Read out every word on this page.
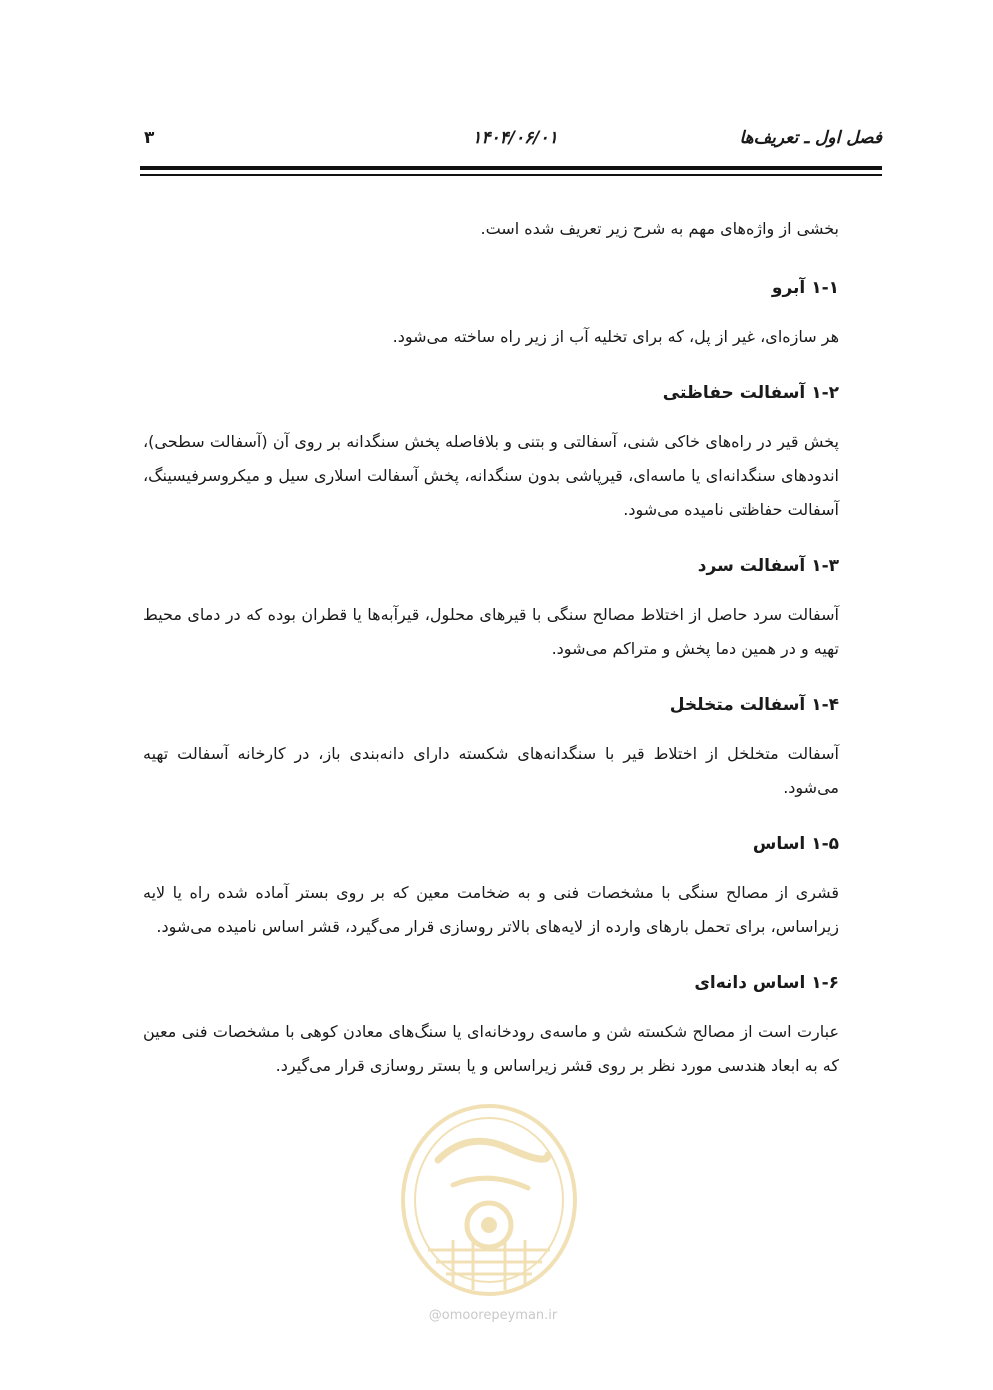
فصل اول ـ تعریف‌ها
۱۴۰۴/۰۶/۰۱
۳

بخشی از واژه‌های مهم به شرح زیر تعریف شده است.

۱-۱ آبرو

هر سازه‌ای، غیر از پل، که برای تخلیه آب از زیر راه ساخته می‌شود.

۱-۲ آسفالت حفاظتی

پخش قیر در راه‌های خاکی شنی، آسفالتی و بتنی و بلافاصله پخش سنگدانه بر روی آن (آسفالت سطحی)، اندودهای سنگدانه‌ای یا ماسه‌ای، قیرپاشی بدون سنگدانه، پخش آسفالت اسلاری سیل و میکروسرفیسینگ، آسفالت حفاظتی نامیده می‌شود.

۱-۳ آسفالت سرد

آسفالت سرد حاصل از اختلاط مصالح سنگی با قیرهای محلول، قیرآبه‌ها یا قطران بوده که در دمای محیط تهیه و در همین دما پخش و متراکم می‌شود.

۱-۴ آسفالت متخلخل

آسفالت متخلخل از اختلاط قیر با سنگدانه‌های شکسته دارای دانه‌بندی باز، در کارخانه آسفالت تهیه می‌شود.

۱-۵ اساس

قشری از مصالح سنگی با مشخصات فنی و به ضخامت معین که بر روی بستر آماده شده راه یا لایه زیراساس، برای تحمل بارهای وارده از لایه‌های بالاتر روسازی قرار می‌گیرد، قشر اساس نامیده می‌شود.

۱-۶ اساس دانه‌ای

عبارت است از مصالح شکسته شن و ماسه‌ی رودخانه‌ای یا سنگ‌های معادن کوهی با مشخصات فنی معین که به ابعاد هندسی مورد نظر بر روی قشر زیراساس و یا بستر روسازی قرار می‌گیرد.

@omoorepeyman.ir
